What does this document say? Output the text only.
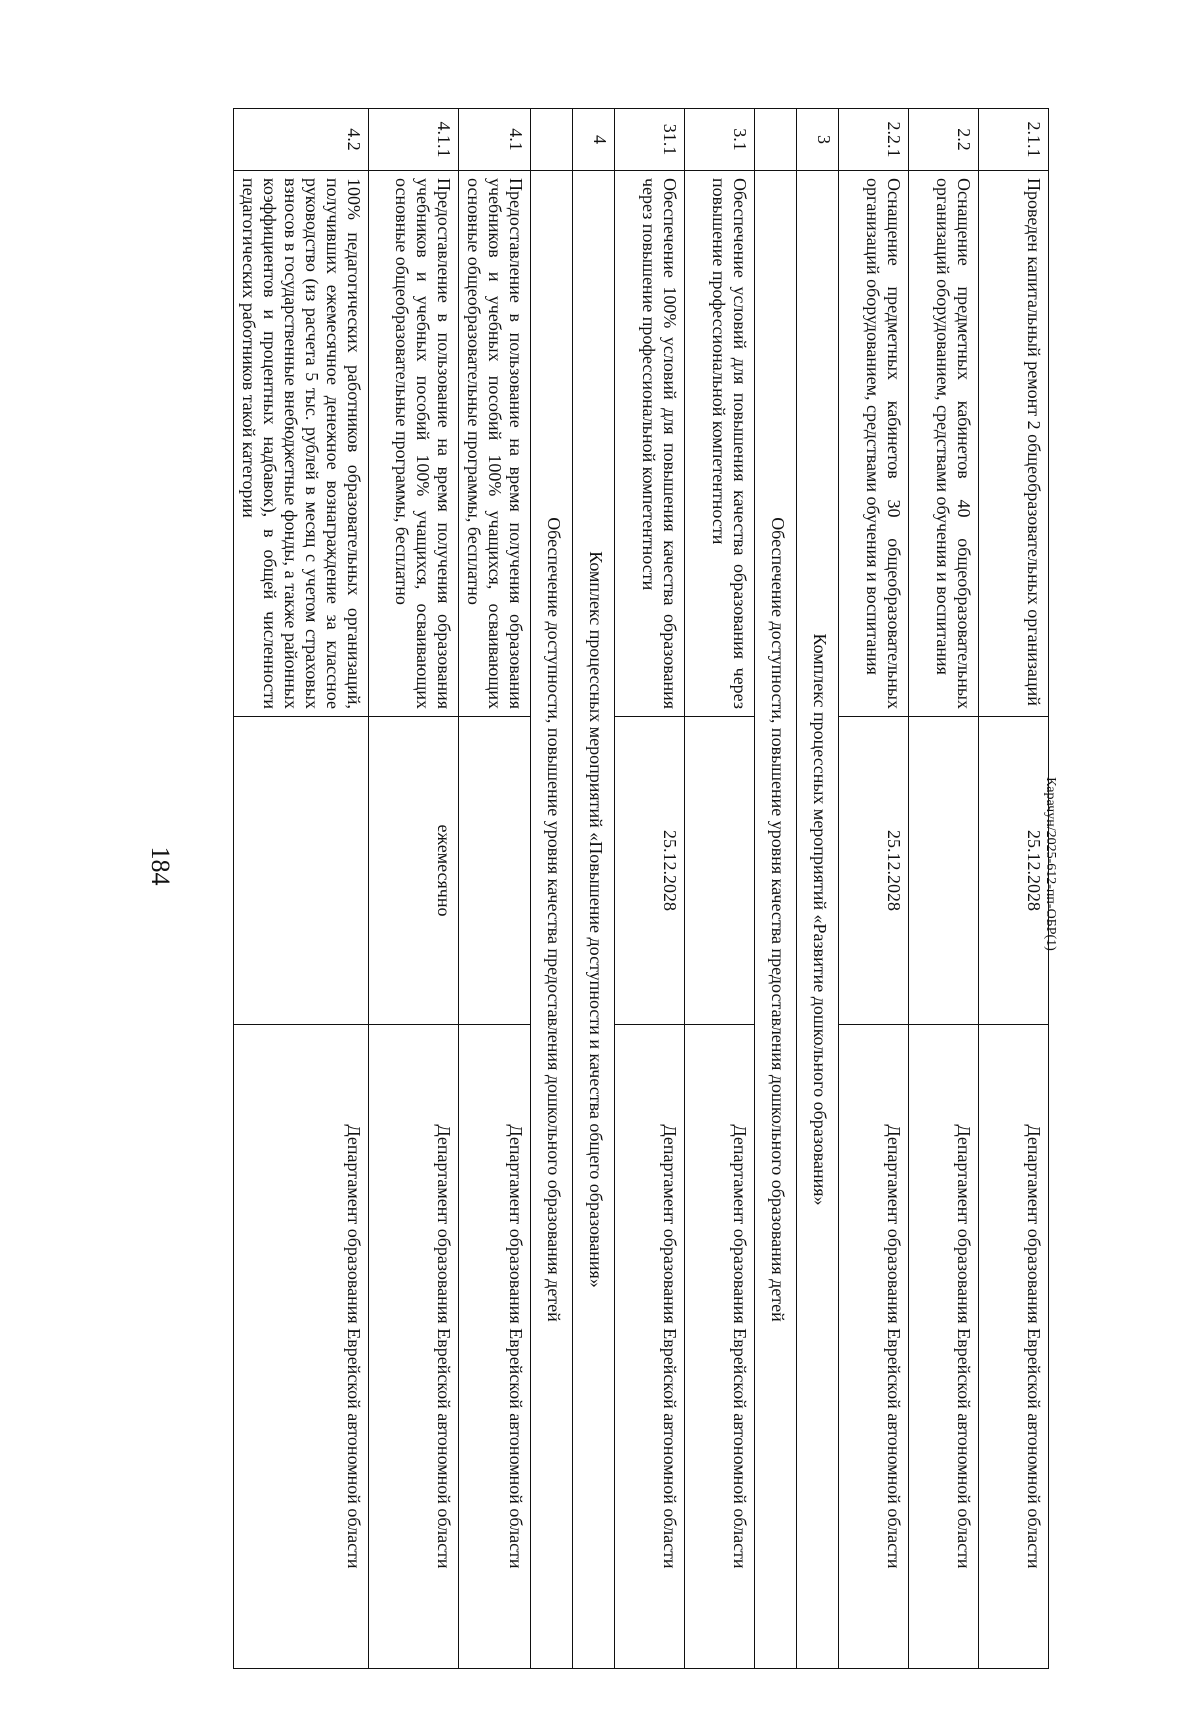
184
2.1.1	Проведен капитальный ремонт 2 общеобразовательных организаций	25.12.2028	Департамент образования Еврейской автономной области
2.2	Оснащение предметных кабинетов 40 общеобразовательных организаций оборудованием, средствами обучения и воспитания		Департамент образования Еврейской автономной области
2.2.1	Оснащение предметных кабинетов 30 общеобразовательных организаций оборудованием, средствами обучения и воспитания	25.12.2028	Департамент образования Еврейской автономной области
3	Комплекс процессных мероприятий «Развитие дошкольного образования»		
	Обеспечение доступности, повышение уровня качества предоставления дошкольного образования детей		
3.1	Обеспечение условий для повышения качества образования через повышение профессиональной компетентности		Департамент образования Еврейской автономной области
31.1	Обеспечение 100% условий для повышения качества образования через повышение профессиональной компетентности	25.12.2028	Департамент образования Еврейской автономной области
4	Комплекс процессных мероприятий «Повышение доступности и качества общего образования»		
	Обеспечение доступности, повышение уровня качества предоставления дошкольного образования детей		
4.1	Предоставление в пользование на время получения образования учебников и учебных пособий 100% учащихся, осваивающих основные общеобразовательные программы, бесплатно		Департамент образования Еврейской автономной области
4.1.1	Предоставление в пользование на время получения образования учебников и учебных пособий 100% учащихся, осваивающих основные общеобразовательные программы, бесплатно	ежемесячно	Департамент образования Еврейской автономной области
4.2	100% педагогических работников образовательных организаций, получивших ежемесячное денежное вознаграждение за классное руководство (из расчета 5 тыс. рублей в месяц с учетом страховых взносов в государственные внебюджетные фонды, а также районных коэффициентов и процентных надбавок), в общей численности педагогических работников такой категории		Департамент образования Еврейской автономной области
Карачун/2025-612-пп-ОБР(1)
